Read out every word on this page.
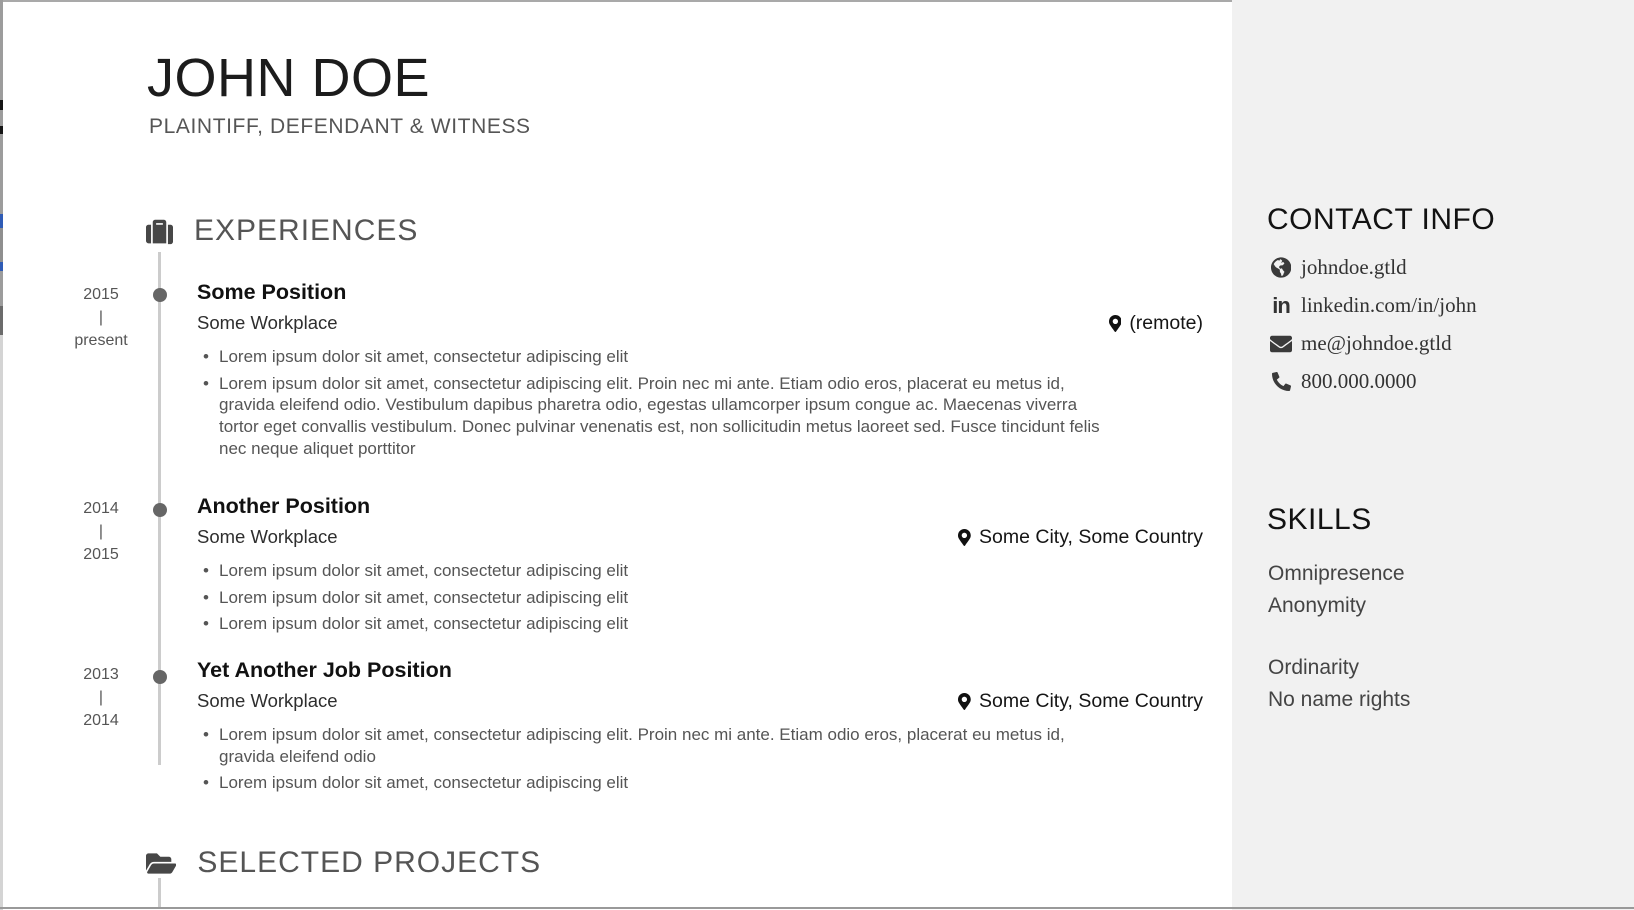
CONTACT INFO
johndoe.gtld
in linkedin.com/in/john
me@johndoe.gtld
800.000.0000
SKILLS
Omnipresence
Anonymity
Ordinarity
No name rights
JOHN DOE
PLAINTIFF, DEFENDANT & WITNESS
EXPERIENCES
2015
|
present
Some Position
Some Workplace	(remote)
• Lorem ipsum dolor sit amet, consectetur adipiscing elit
• Lorem ipsum dolor sit amet, consectetur adipiscing elit. Proin nec mi ante. Etiam odio eros, placerat eu metus id, gravida eleifend odio. Vestibulum dapibus pharetra odio, egestas ullamcorper ipsum congue ac. Maecenas viverra tortor eget convallis vestibulum. Donec pulvinar venenatis est, non sollicitudin metus laoreet sed. Fusce tincidunt felis nec neque aliquet porttitor
2014
|
2015
Another Position
Some Workplace	Some City, Some Country
• Lorem ipsum dolor sit amet, consectetur adipiscing elit
• Lorem ipsum dolor sit amet, consectetur adipiscing elit
• Lorem ipsum dolor sit amet, consectetur adipiscing elit
2013
|
2014
Yet Another Job Position
Some Workplace	Some City, Some Country
• Lorem ipsum dolor sit amet, consectetur adipiscing elit. Proin nec mi ante. Etiam odio eros, placerat eu metus id, gravida eleifend odio
• Lorem ipsum dolor sit amet, consectetur adipiscing elit
SELECTED PROJECTS
